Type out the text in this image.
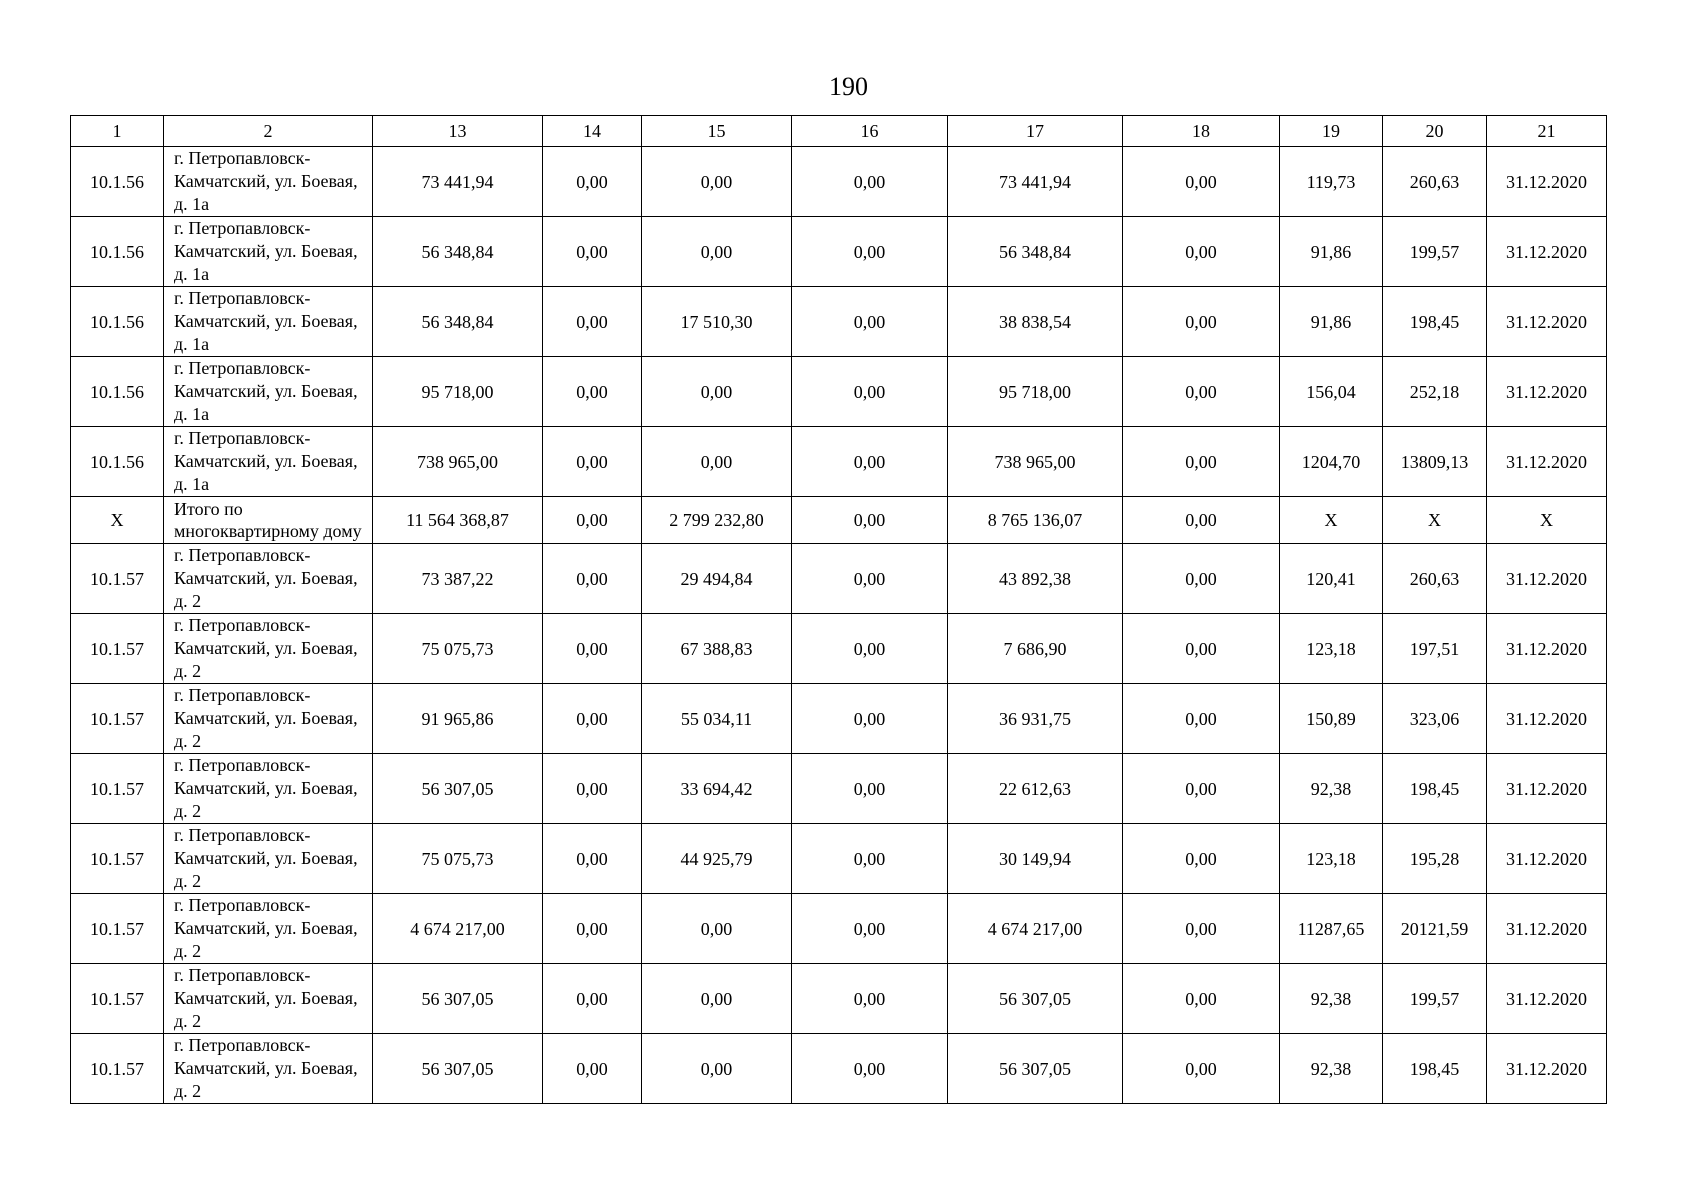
190
1	2	13	14	15	16	17	18	19	20	21
10.1.56	г. Петропавловск-Камчатский, ул. Боевая, д. 1а	73 441,94	0,00	0,00	0,00	73 441,94	0,00	119,73	260,63	31.12.2020
10.1.56	г. Петропавловск-Камчатский, ул. Боевая, д. 1а	56 348,84	0,00	0,00	0,00	56 348,84	0,00	91,86	199,57	31.12.2020
10.1.56	г. Петропавловск-Камчатский, ул. Боевая, д. 1а	56 348,84	0,00	17 510,30	0,00	38 838,54	0,00	91,86	198,45	31.12.2020
10.1.56	г. Петропавловск-Камчатский, ул. Боевая, д. 1а	95 718,00	0,00	0,00	0,00	95 718,00	0,00	156,04	252,18	31.12.2020
10.1.56	г. Петропавловск-Камчатский, ул. Боевая, д. 1а	738 965,00	0,00	0,00	0,00	738 965,00	0,00	1204,70	13809,13	31.12.2020
Х	Итого по многоквартирному дому	11 564 368,87	0,00	2 799 232,80	0,00	8 765 136,07	0,00	Х	Х	Х
10.1.57	г. Петропавловск-Камчатский, ул. Боевая, д. 2	73 387,22	0,00	29 494,84	0,00	43 892,38	0,00	120,41	260,63	31.12.2020
10.1.57	г. Петропавловск-Камчатский, ул. Боевая, д. 2	75 075,73	0,00	67 388,83	0,00	7 686,90	0,00	123,18	197,51	31.12.2020
10.1.57	г. Петропавловск-Камчатский, ул. Боевая, д. 2	91 965,86	0,00	55 034,11	0,00	36 931,75	0,00	150,89	323,06	31.12.2020
10.1.57	г. Петропавловск-Камчатский, ул. Боевая, д. 2	56 307,05	0,00	33 694,42	0,00	22 612,63	0,00	92,38	198,45	31.12.2020
10.1.57	г. Петропавловск-Камчатский, ул. Боевая, д. 2	75 075,73	0,00	44 925,79	0,00	30 149,94	0,00	123,18	195,28	31.12.2020
10.1.57	г. Петропавловск-Камчатский, ул. Боевая, д. 2	4 674 217,00	0,00	0,00	0,00	4 674 217,00	0,00	11287,65	20121,59	31.12.2020
10.1.57	г. Петропавловск-Камчатский, ул. Боевая, д. 2	56 307,05	0,00	0,00	0,00	56 307,05	0,00	92,38	199,57	31.12.2020
10.1.57	г. Петропавловск-Камчатский, ул. Боевая, д. 2	56 307,05	0,00	0,00	0,00	56 307,05	0,00	92,38	198,45	31.12.2020
